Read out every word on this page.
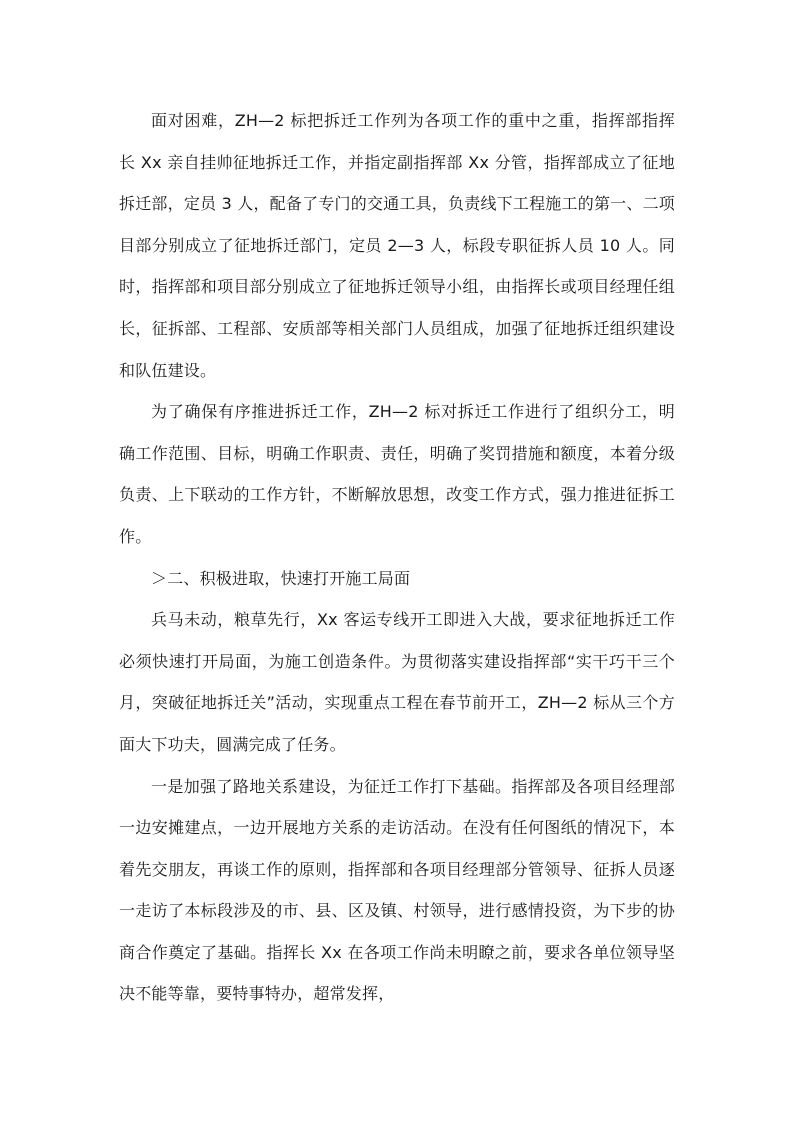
面对困难，ZH—2 标把拆迁工作列为各项工作的重中之重，指挥部指挥长 Xx 亲自挂帅征地拆迁工作，并指定副指挥部 Xx 分管，指挥部成立了征地拆迁部，定员 3 人，配备了专门的交通工具，负责线下工程施工的第一、二项目部分别成立了征地拆迁部门，定员 2—3 人，标段专职征拆人员 10 人。同时，指挥部和项目部分别成立了征地拆迁领导小组，由指挥长或项目经理任组长，征拆部、工程部、安质部等相关部门人员组成，加强了征地拆迁组织建设和队伍建设。

为了确保有序推进拆迁工作，ZH—2 标对拆迁工作进行了组织分工，明确工作范围、目标，明确工作职责、责任，明确了奖罚措施和额度，本着分级负责、上下联动的工作方针，不断解放思想，改变工作方式，强力推进征拆工作。

＞二、积极进取，快速打开施工局面

兵马未动，粮草先行，Xx 客运专线开工即进入大战，要求征地拆迁工作必须快速打开局面，为施工创造条件。为贯彻落实建设指挥部“实干巧干三个月，突破征地拆迁关”活动，实现重点工程在春节前开工，ZH—2 标从三个方面大下功夫，圆满完成了任务。

一是加强了路地关系建设，为征迁工作打下基础。指挥部及各项目经理部一边安摊建点，一边开展地方关系的走访活动。在没有任何图纸的情况下，本着先交朋友，再谈工作的原则，指挥部和各项目经理部分管领导、征拆人员逐一走访了本标段涉及的市、县、区及镇、村领导，进行感情投资，为下步的协商合作奠定了基础。指挥长 Xx 在各项工作尚未明瞭之前，要求各单位领导坚决不能等靠，要特事特办，超常发挥，
